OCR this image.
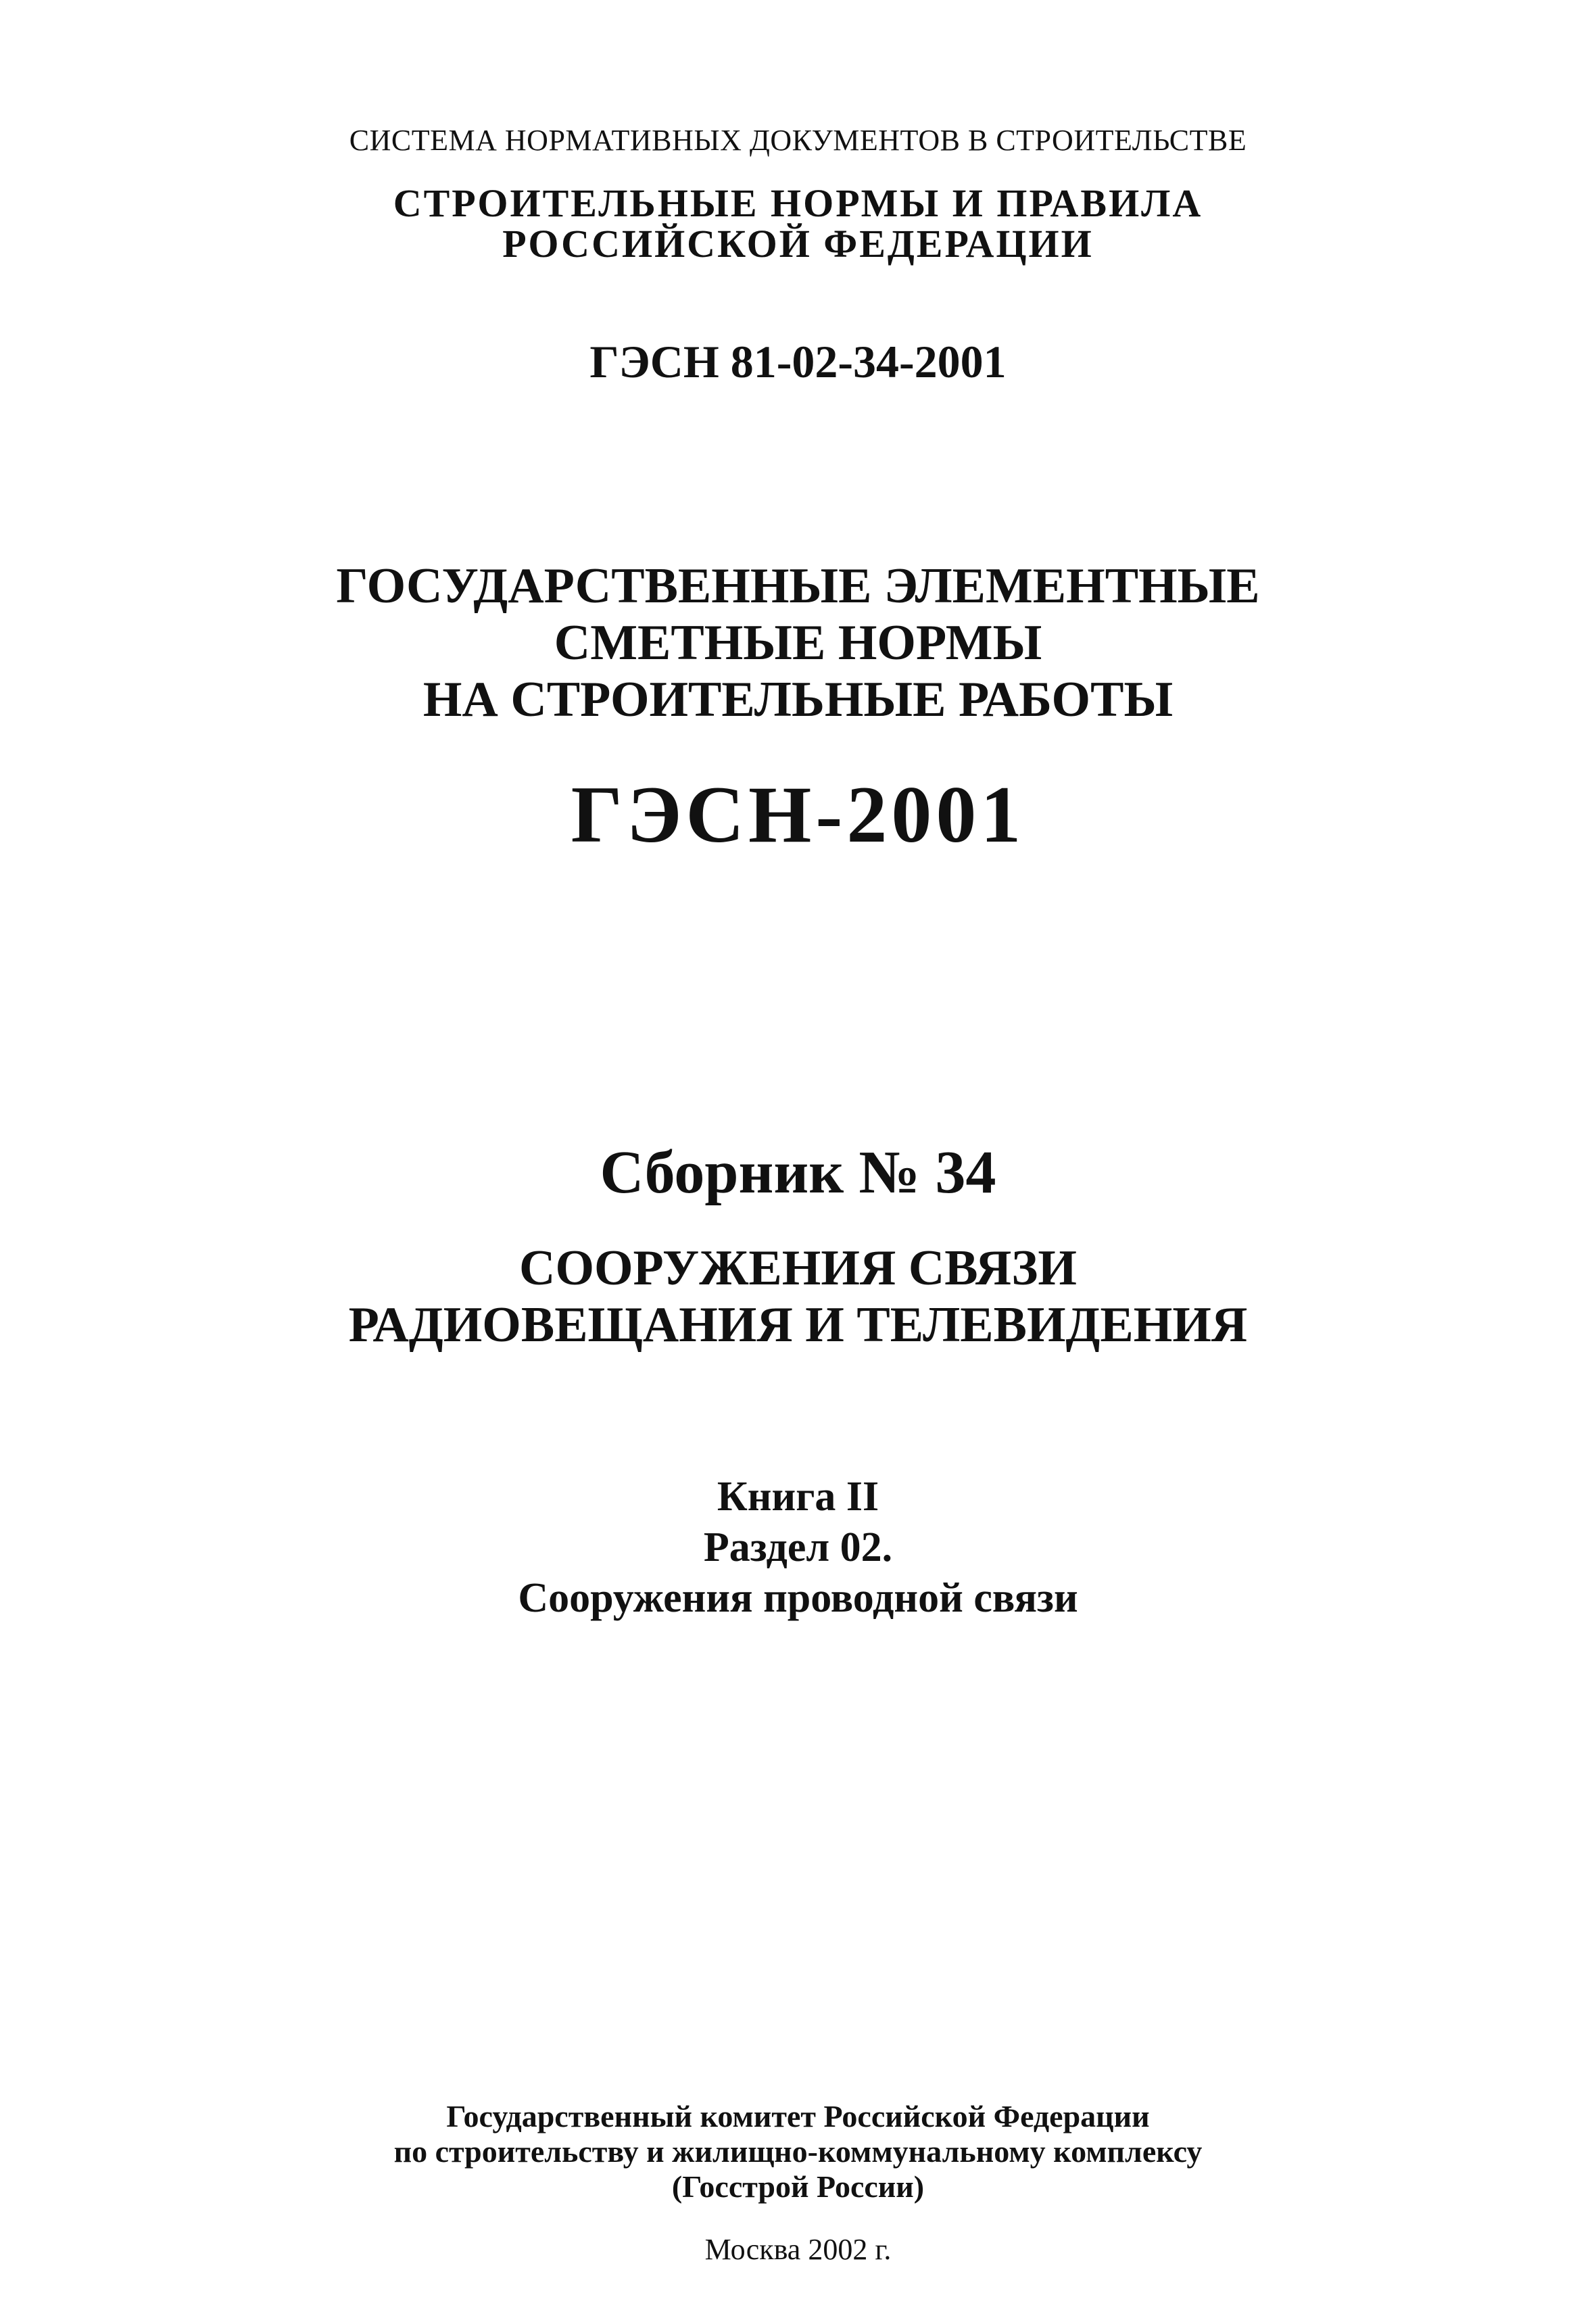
СИСТЕМА НОРМАТИВНЫХ ДОКУМЕНТОВ В СТРОИТЕЛЬСТВЕ
СТРОИТЕЛЬНЫЕ НОРМЫ И ПРАВИЛА
РОССИЙСКОЙ ФЕДЕРАЦИИ
ГЭСН 81-02-34-2001
ГОСУДАРСТВЕННЫЕ ЭЛЕМЕНТНЫЕ
СМЕТНЫЕ НОРМЫ
НА СТРОИТЕЛЬНЫЕ РАБОТЫ
ГЭСН-2001
Сборник № 34
СООРУЖЕНИЯ СВЯЗИ
РАДИОВЕЩАНИЯ И ТЕЛЕВИДЕНИЯ
Книга II
Раздел 02.
Сооружения проводной связи
Государственный комитет Российской Федерации
по строительству и жилищно-коммунальному комплексу
(Госстрой России)
Москва 2002 г.
